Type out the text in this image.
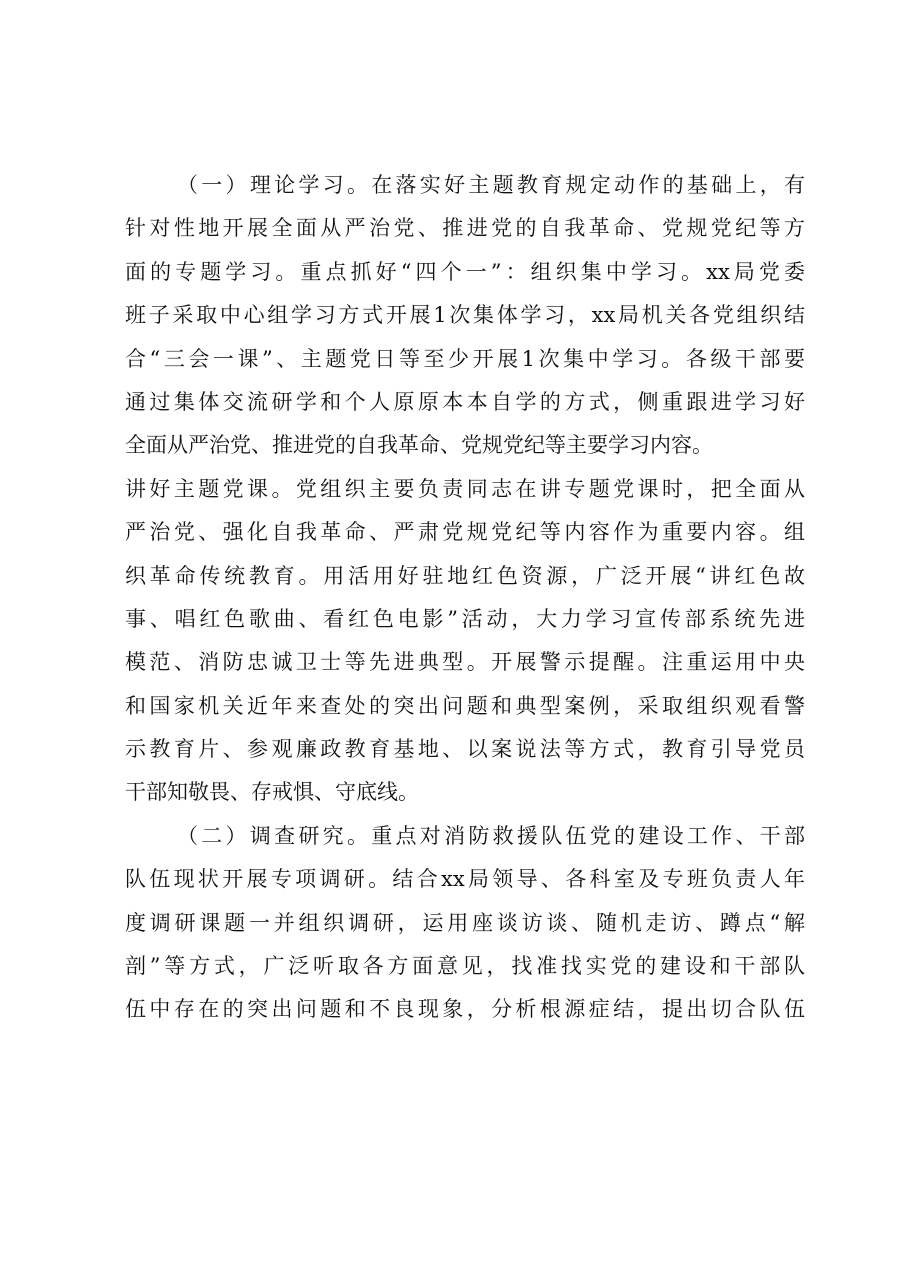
（一）理论学习。在落实好主题教育规定动作的基础上，有
针对性地开展全面从严治党、推进党的自我革命、党规党纪等方
面的专题学习。重点抓好“四个一”：组织集中学习。xx局党委
班子采取中心组学习方式开展1次集体学习，xx局机关各党组织结
合“三会一课”、主题党日等至少开展1次集中学习。各级干部要
通过集体交流研学和个人原原本本自学的方式，侧重跟进学习好
全面从严治党、推进党的自我革命、党规党纪等主要学习内容。
讲好主题党课。党组织主要负责同志在讲专题党课时，把全面从
严治党、强化自我革命、严肃党规党纪等内容作为重要内容。组
织革命传统教育。用活用好驻地红色资源，广泛开展“讲红色故
事、唱红色歌曲、看红色电影”活动，大力学习宣传部系统先进
模范、消防忠诚卫士等先进典型。开展警示提醒。注重运用中央
和国家机关近年来查处的突出问题和典型案例，采取组织观看警
示教育片、参观廉政教育基地、以案说法等方式，教育引导党员
干部知敬畏、存戒惧、守底线。
（二）调查研究。重点对消防救援队伍党的建设工作、干部
队伍现状开展专项调研。结合xx局领导、各科室及专班负责人年
度调研课题一并组织调研，运用座谈访谈、随机走访、蹲点“解
剖”等方式，广泛听取各方面意见，找准找实党的建设和干部队
伍中存在的突出问题和不良现象，分析根源症结，提出切合队伍
